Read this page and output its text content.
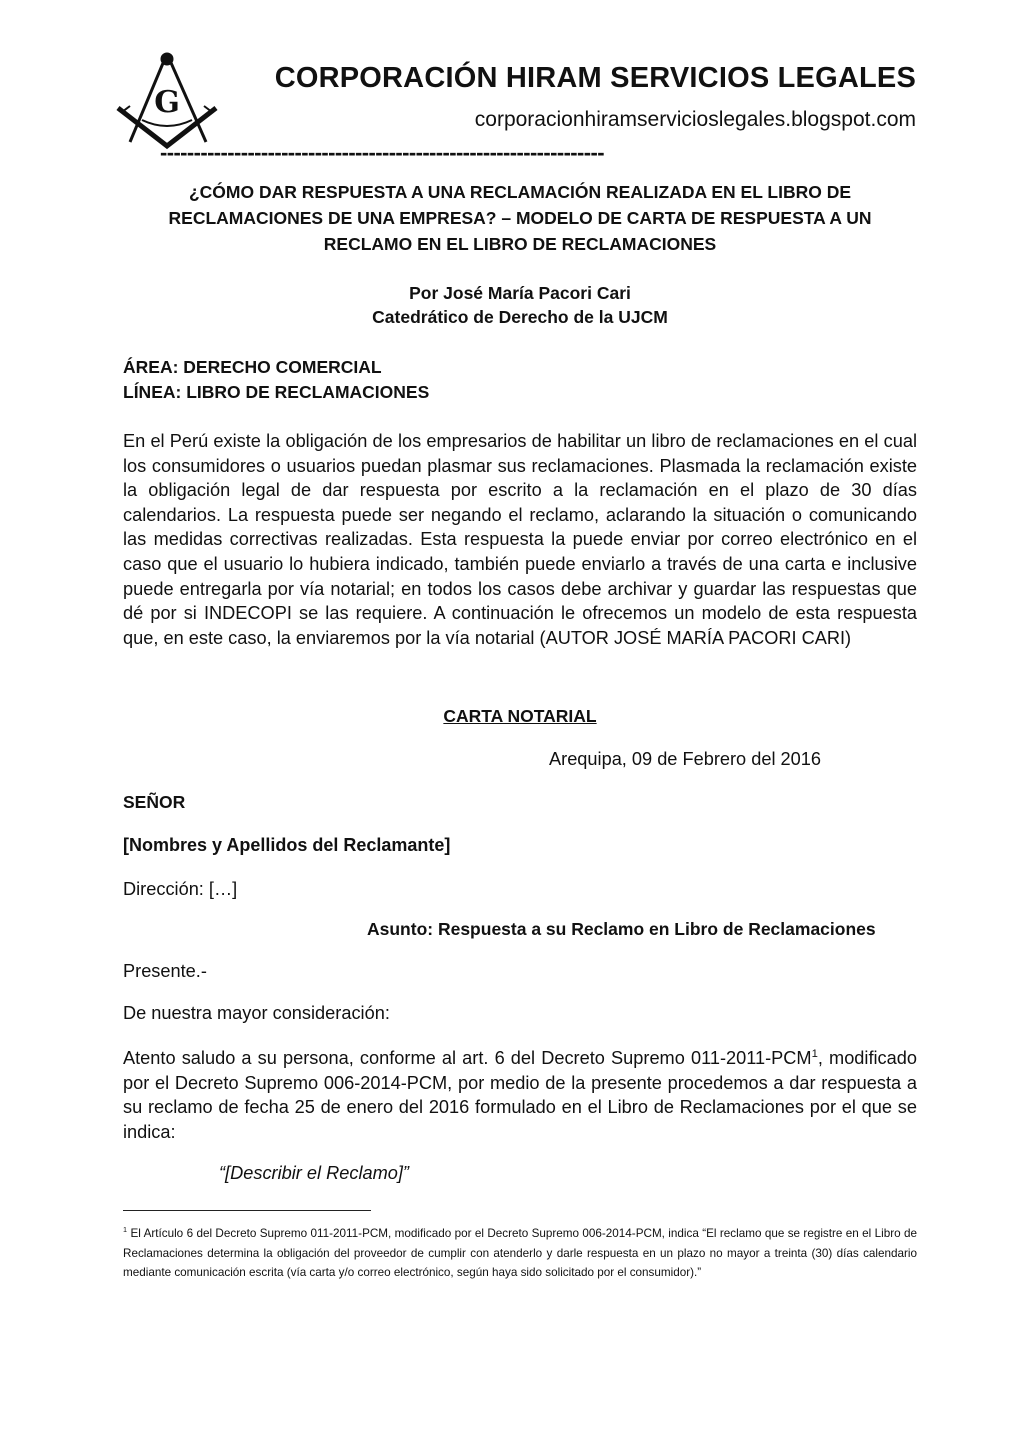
G
CORPORACIÓN HIRAM SERVICIOS LEGALES
corporacionhiramservicioslegales.blogspot.com
------------------------------------------------------------------
¿CÓMO DAR RESPUESTA A UNA RECLAMACIÓN REALIZADA EN EL LIBRO DE
RECLAMACIONES DE UNA EMPRESA? – MODELO DE CARTA DE RESPUESTA A UN
RECLAMO EN EL LIBRO DE RECLAMACIONES
Por José María Pacori Cari
Catedrático de Derecho de la UJCM
ÁREA: DERECHO COMERCIAL
LÍNEA: LIBRO DE RECLAMACIONES

En el Perú existe la obligación de los empresarios de habilitar un libro de reclamaciones en el cual los consumidores o usuarios puedan plasmar sus reclamaciones. Plasmada la reclamación existe la obligación legal de dar respuesta por escrito a la reclamación en el plazo de 30 días calendarios. La respuesta puede ser negando el reclamo, aclarando la situación o comunicando las medidas correctivas realizadas. Esta respuesta la puede enviar por correo electrónico en el caso que el usuario lo hubiera indicado, también puede enviarlo a través de una carta e inclusive puede entregarla por vía notarial; en todos los casos debe archivar y guardar las respuestas que dé por si INDECOPI se las requiere. A continuación le ofrecemos un modelo de esta respuesta que, en este caso, la enviaremos por la vía notarial (AUTOR JOSÉ MARÍA PACORI CARI)

CARTA NOTARIAL
Arequipa, 09 de Febrero del 2016
SEÑOR
[Nombres y Apellidos del Reclamante]
Dirección: […]
Asunto: Respuesta a su Reclamo en Libro de Reclamaciones
Presente.-
De nuestra mayor consideración:

Atento saludo a su persona, conforme al art. 6 del Decreto Supremo 011-2011-PCM$^1$, modificado por el Decreto Supremo 006-2014-PCM, por medio de la presente procedemos a dar respuesta a su reclamo de fecha 25 de enero del 2016 formulado en el Libro de Reclamaciones por el que se indica:

“[Describir el Reclamo]”

$^1$ El Artículo 6 del Decreto Supremo 011-2011-PCM, modificado por el Decreto Supremo 006-2014-PCM, indica “El reclamo que se registre en el Libro de Reclamaciones determina la obligación del proveedor de cumplir con atenderlo y darle respuesta en un plazo no mayor a treinta (30) días calendario mediante comunicación escrita (vía carta y/o correo electrónico, según haya sido solicitado por el consumidor).”
